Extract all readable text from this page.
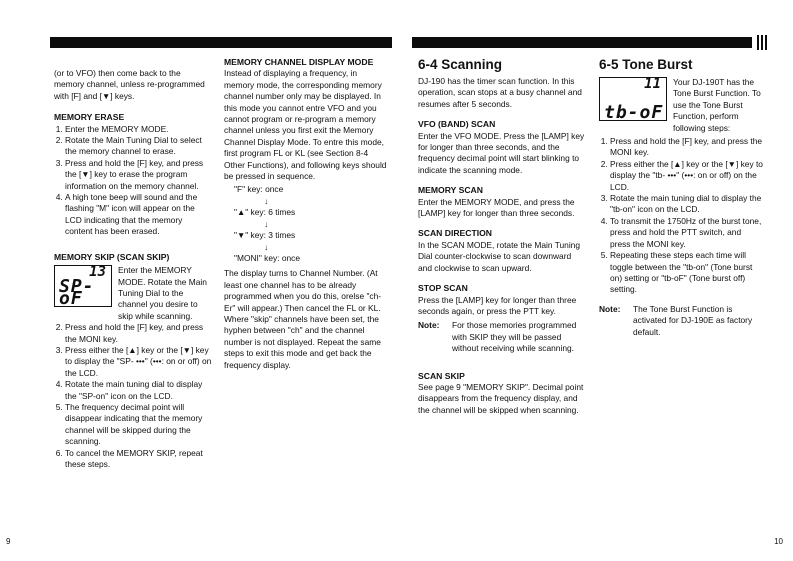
(or to VFO) then come back to the memory channel, unless re-programmed with [F] and [▼] keys.

MEMORY ERASE

1. Enter the MEMORY MODE.
2. Rotate the Main Tuning Dial to select the memory channel to erase.
3. Press and hold the [F] key, and press the [▼] key to erase the program information on the memory channel.
4. A high tone beep will sound and the flashing "M" icon will appear on the LCD indicating that the memory content has been erased.

MEMORY SKIP (SCAN SKIP)

13
SP-oF

Enter the MEMORY MODE. Rotate the Main Tuning Dial to the channel you desire to skip while scanning.

2. Press and hold the [F] key, and press the MONI key.
3. Press either the [▲] key or the [▼] key to display the "SP- •••" (•••: on or off) on the LCD.
4. Rotate the main tuning dial to display the "SP-on" icon on the LCD.
5. The frequency decimal point will disappear indicating that the memory channel will be skipped during the scanning.
6. To cancel the MEMORY SKIP, repeat these steps.

MEMORY CHANNEL DISPLAY MODE

Instead of displaying a frequency, in memory mode, the corresponding memory channel number only may be displayed. In this mode you cannot entre VFO and you cannot program or re-program a memory channel unless you first exit the Memory Channel Display Mode. To entre this mode, first program FL or KL (see Section 8-4 Other Functions), and following keys should be pressed in sequence.

"F" key: once

↓

"▲" key: 6 times

↓

"▼" key: 3 times

↓

"MONI" key: once

The display turns to Channel Number. (At least one channel has to be already programmed when you do this, orelse "ch-Er" will appear.) Then cancel the FL or KL. Where "skip" channels have been set, the hyphen between "ch" and the channel number is not displayed. Repeat the same steps to exit this mode and get back the frequency display.

6-4 Scanning

DJ-190 has the timer scan function. In this operation, scan stops at a busy channel and resumes after 5 seconds.

VFO (BAND) SCAN

Enter the VFO MODE. Press the [LAMP] key for longer than three seconds, and the frequency decimal point will start blinking to indicate the scanning mode.

MEMORY SCAN

Enter the MEMORY MODE, and press the [LAMP] key for longer than three seconds.

SCAN DIRECTION

In the SCAN MODE, rotate the Main Tuning Dial counter-clockwise to scan downward and clockwise to scan upward.

STOP SCAN

Press the [LAMP] key for longer than three seconds again, or press the PTT key.

Note:	For those memories programmed with SKIP they will be passed without receiving while scanning.

SCAN SKIP

See page 9 "MEMORY SKIP". Decimal point disappears from the frequency display, and the channel will be skipped when scanning.

6-5 Tone Burst

11
tb-oF

Your DJ-190T has the Tone Burst Function. To use the Tone Burst Function, perform following steps:

1. Press and hold the [F] key, and press the MONI key.
2. Press either the [▲] key or the [▼] key to display the "tb- •••" (•••: on or off) on the LCD.
3. Rotate the main tuning dial to display the "tb-on" icon on the LCD.
4. To transmit the 1750Hz of the burst tone, press and hold the PTT switch, and press the MONI key.
5. Repeating these steps each time will toggle between the "tb-on" (Tone burst on) setting or "tb-oF" (Tone burst off) setting.
Note:	The Tone Burst Function is activated for DJ-190E as factory default.
9	10
